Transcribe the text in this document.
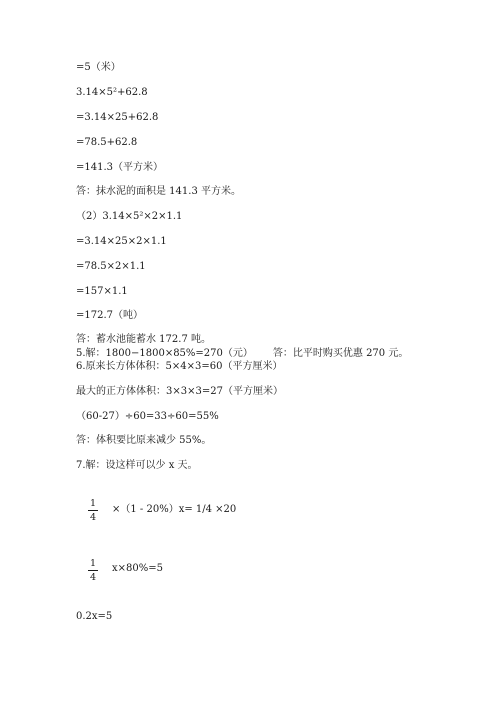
=5（米）
3.14×5²+62.8
=3.14×25+62.8
=78.5+62.8
=141.3（平方米）
答：抹水泥的面积是 141.3 平方米。
（2）3.14×5²×2×1.1
=3.14×25×2×1.1
=78.5×2×1.1
=157×1.1
=172.7（吨）
答：蓄水池能蓄水 172.7 吨。
5.解：1800−1800×85%=270（元） 答：比平时购买优惠 270 元。
6.原来长方体体积：5×4×3=60（平方厘米）
最大的正方体体积：3×3×3=27（平方厘米）
（60-27）÷60=33÷60=55%
答：体积要比原来减少 55%。
7.解：设这样可以少 x 天。
1
4
×（1 - 20%）x= 1/4 ×20
1
4
x×80%=5
0.2x=5
